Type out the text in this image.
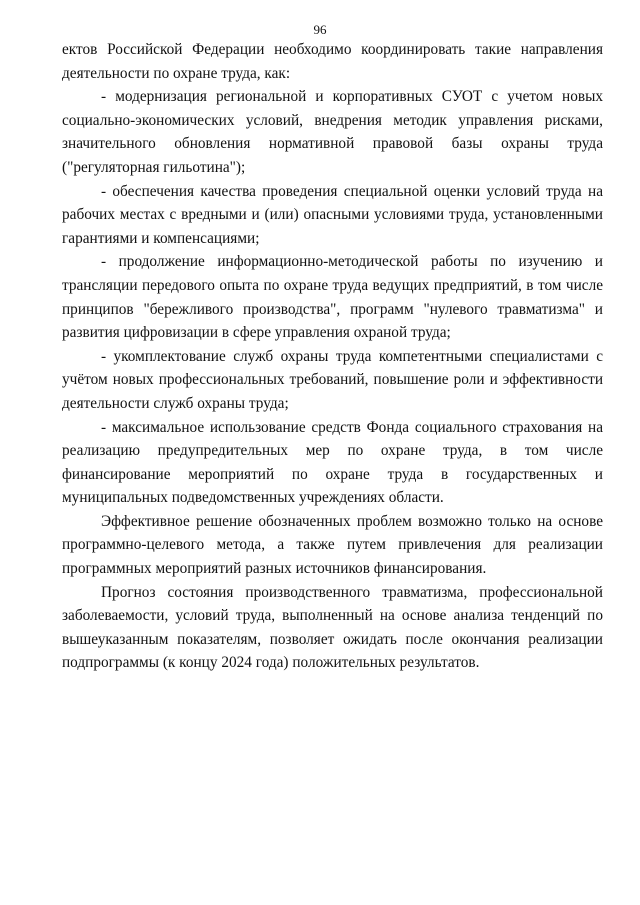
96

ектов Российской Федерации необходимо координировать такие направления деятельности по охране труда, как:

- модернизация региональной и корпоративных СУОТ с учетом новых социально-экономических условий, внедрения методик управления рисками, значительного обновления нормативной правовой базы охраны труда ("регуляторная гильотина");

- обеспечения качества проведения специальной оценки условий труда на рабочих местах с вредными и (или) опасными условиями труда, установленными гарантиями и компенсациями;

- продолжение информационно-методической работы по изучению и трансляции передового опыта по охране труда ведущих предприятий, в том числе принципов "бережливого производства", программ "нулевого травматизма" и развития цифровизации в сфере управления охраной труда;

- укомплектование служб охраны труда компетентными специалистами с учётом новых профессиональных требований, повышение роли и эффективности деятельности служб охраны труда;

- максимальное использование средств Фонда социального страхования на реализацию предупредительных мер по охране труда, в том числе финансирование мероприятий по охране труда в государственных и муниципальных подведомственных учреждениях области.

Эффективное решение обозначенных проблем возможно только на основе программно-целевого метода, а также путем привлечения для реализации программных мероприятий разных источников финансирования.

Прогноз состояния производственного травматизма, профессиональной заболеваемости, условий труда, выполненный на основе анализа тенденций по вышеуказанным показателям, позволяет ожидать после окончания реализации подпрограммы (к концу 2024 года) положительных результатов.
